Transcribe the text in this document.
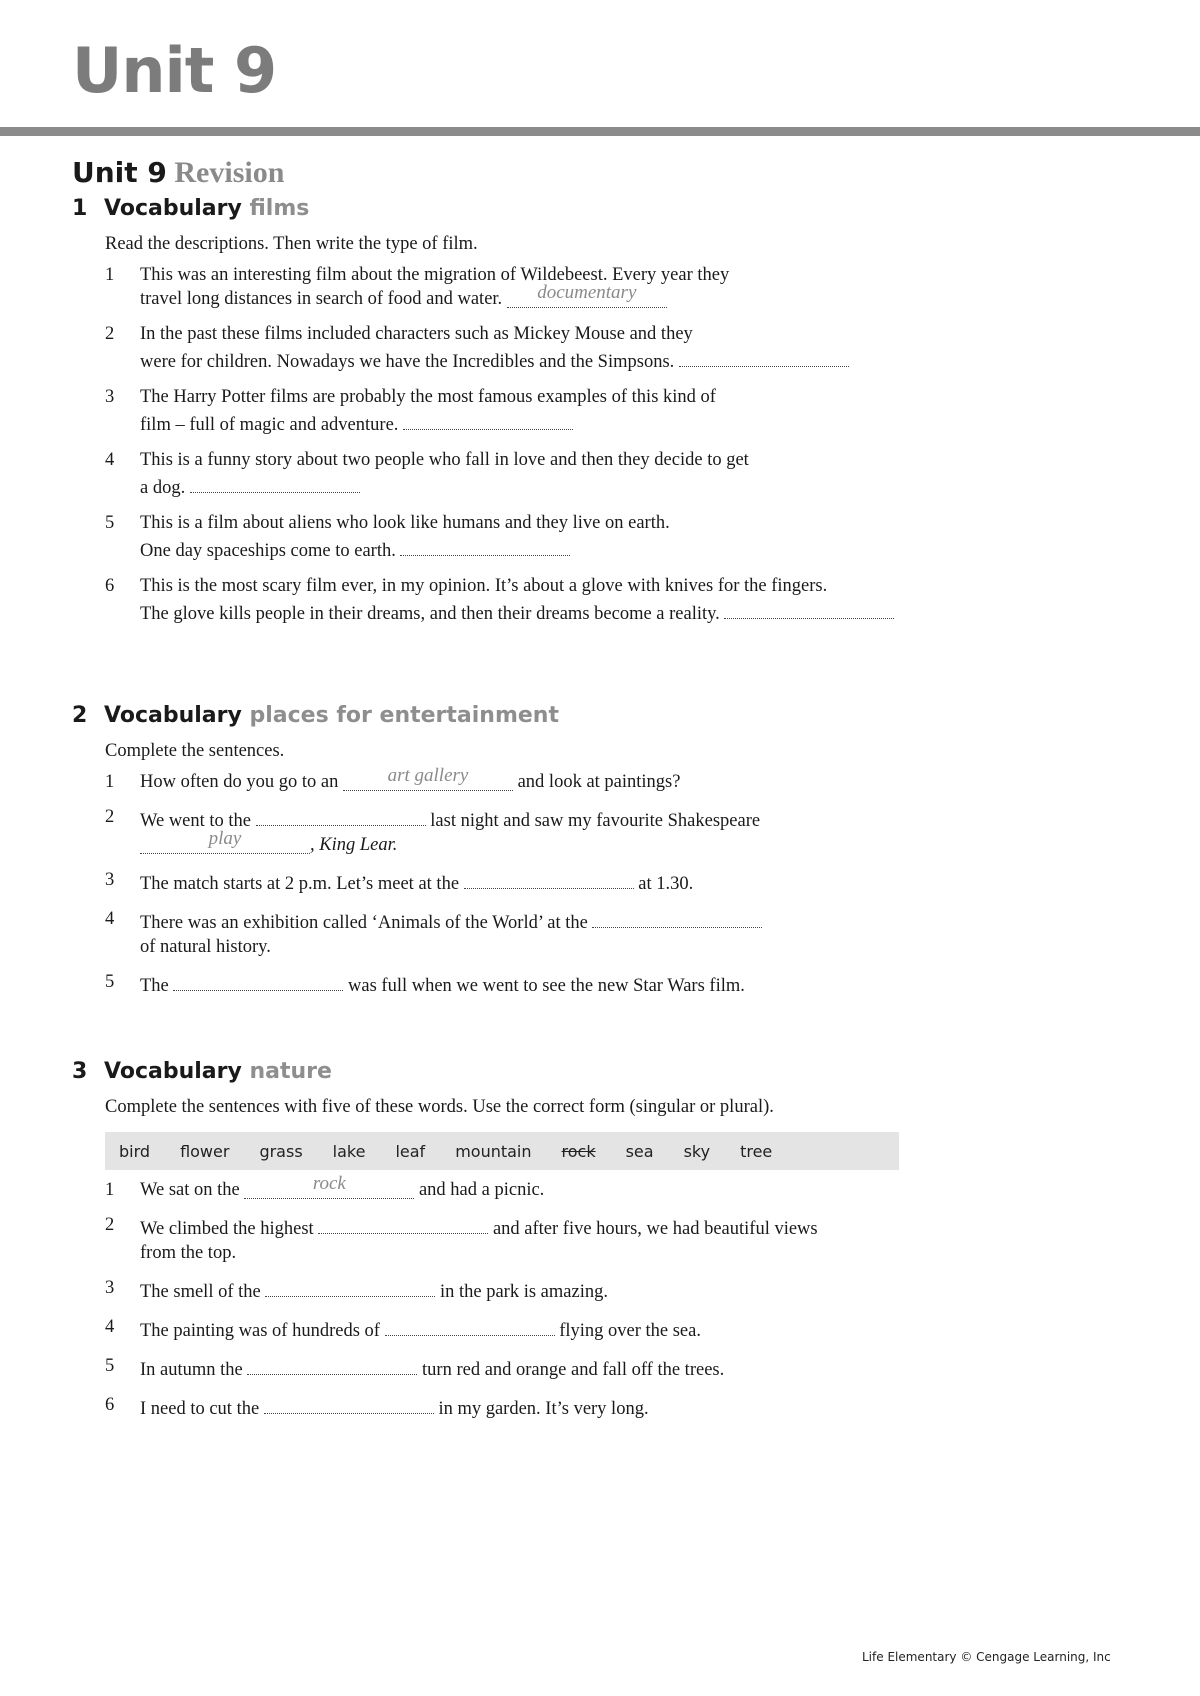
Unit 9
Unit 9 Revision
1 Vocabulary films
Read the descriptions. Then write the type of film.
1 This was an interesting film about the migration of Wildebeest. Every year they
travel long distances in search of food and water. documentary
2 In the past these films included characters such as Mickey Mouse and they
were for children. Nowadays we have the Incredibles and the Simpsons.
3 The Harry Potter films are probably the most famous examples of this kind of
film – full of magic and adventure.
4 This is a funny story about two people who fall in love and then they decide to get
a dog.
5 This is a film about aliens who look like humans and they live on earth.
One day spaceships come to earth.
6 This is the most scary film ever, in my opinion. It’s about a glove with knives for the fingers.
The glove kills people in their dreams, and then their dreams become a reality.
2 Vocabulary places for entertainment
Complete the sentences.
1 How often do you go to an art gallery and look at paintings?
2 We went to the	last night and saw my favourite Shakespeare
play	, King Lear.
3 The match starts at 2 p.m. Let’s meet at the	at 1.30.
4 There was an exhibition called ‘Animals of the World’ at the
of natural history.
5 The	was full when we went to see the new Star Wars film.
3 Vocabulary nature
Complete the sentences with five of these words. Use the correct form (singular or plural).
bird flower grass lake leaf mountain rock sea sky tree
1 We sat on the	rock	and had a picnic.
2 We climbed the highest	and after five hours, we had beautiful views
from the top.
3 The smell of the	in the park is amazing.
4 The painting was of hundreds of	flying over the sea.
5 In autumn the	turn red and orange and fall off the trees.
6 I need to cut the	in my garden. It’s very long.
Life Elementary © Cengage Learning, Inc
